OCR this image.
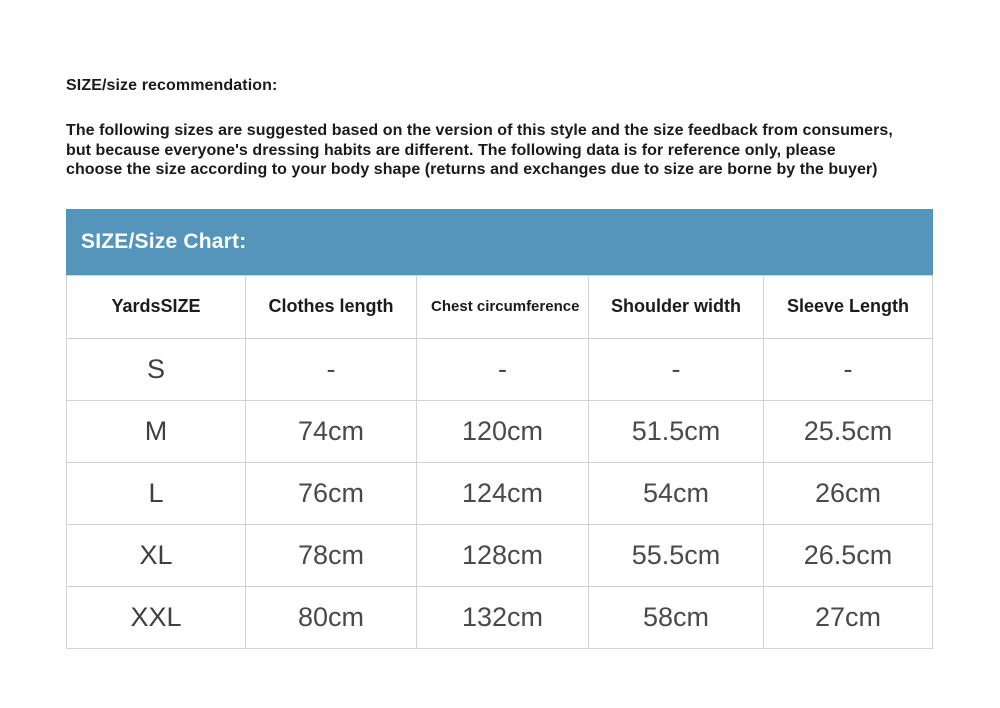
SIZE/size recommendation:
The following sizes are suggested based on the version of this style and the size feedback from consumers,
but because everyone's dressing habits are different. The following data is for reference only, please
choose the size according to your body shape (returns and exchanges due to size are borne by the buyer)
SIZE/Size Chart:
YardsSIZE	Clothes length	Chest circumference	Shoulder width	Sleeve Length
S	-	-	-	-
M	74cm	120cm	51.5cm	25.5cm
L	76cm	124cm	54cm	26cm
XL	78cm	128cm	55.5cm	26.5cm
XXL	80cm	132cm	58cm	27cm
